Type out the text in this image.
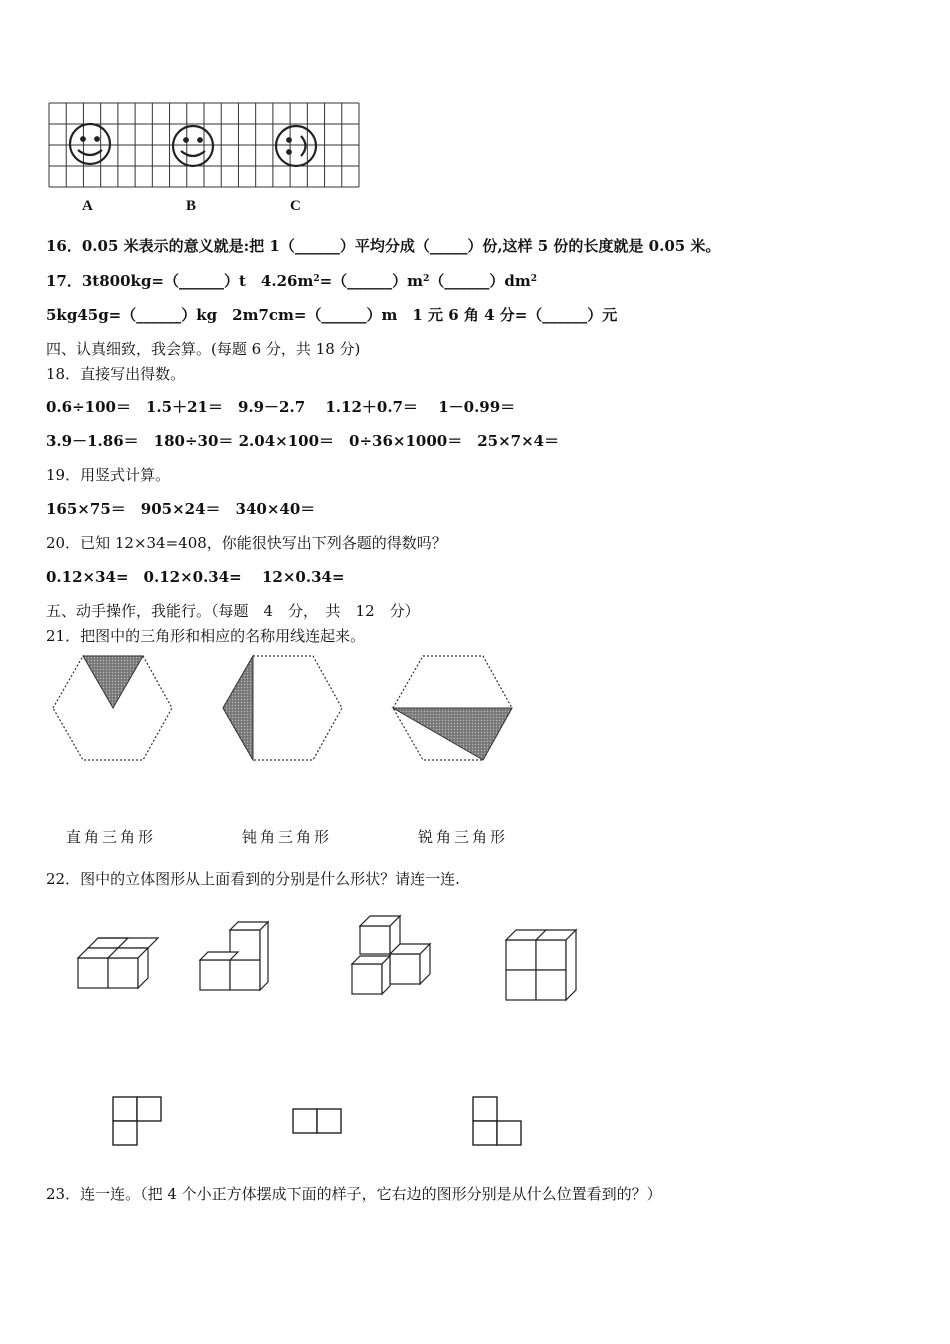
A	B	C
16．0.05 米表示的意义就是:把 1（______）平均分成（_____）份,这样 5 份的长度就是 0.05 米。
17．3t800kg=（______）t　$4.26m^2=(\_\_\_\_\_\_)m^2(\_\_\_\_\_\_)dm^2$
5kg45g=（______）kg　2m7cm=（______）m　1 元 6 角 4 分=（______）元
四、认真细致，我会算。(每题 6 分，共 18 分)
18．直接写出得数。
0.6÷100＝　1.5＋21＝　9.9－2.7　 1.12＋0.7＝　 1－0.99＝
3.9－1.86＝　180÷30＝ 2.04×100＝　0÷36×1000＝　25×7×4＝
19．用竖式计算。
165×75＝　905×24＝　340×40＝
20．已知 12×34=408，你能很快写出下列各题的得数吗？
0.12×34=　0.12×0.34=　 12×0.34=
五、动手操作，我能行。（每题　4　分，　共　12　分）
21．把图中的三角形和相应的名称用线连起来。
直角三角形	钝角三角形	锐角三角形
22．图中的立体图形从上面看到的分别是什么形状？请连一连.
23．连一连。（把 4 个小正方体摆成下面的样子，它右边的图形分别是从什么位置看到的？）
